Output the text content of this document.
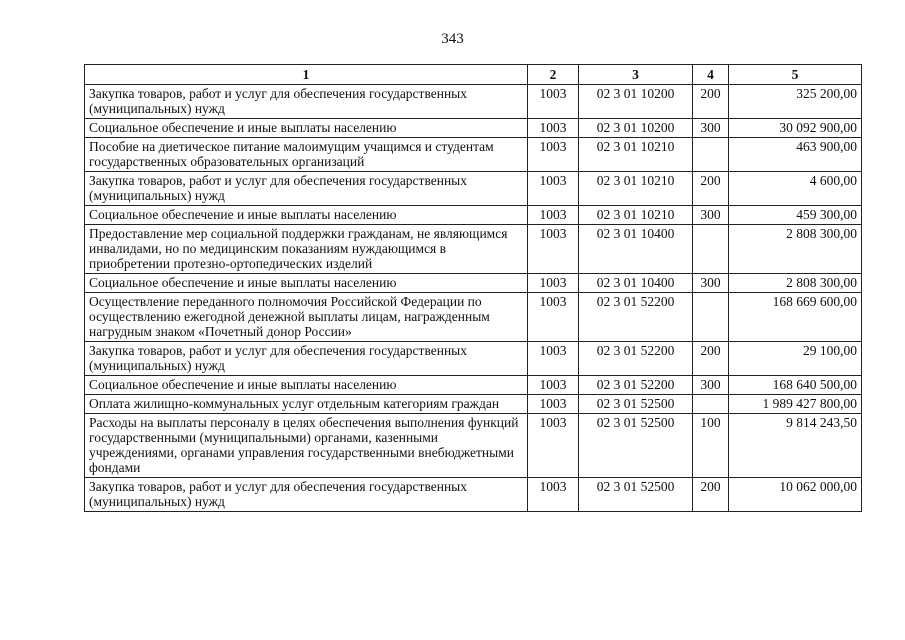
343
1	2	3	4	5
Закупка товаров, работ и услуг для обеспечения государственных (муниципальных) нужд	1003	02 3 01 10200	200	325 200,00
Социальное обеспечение и иные выплаты населению	1003	02 3 01 10200	300	30 092 900,00
Пособие на диетическое питание малоимущим учащимся и студентам государственных образовательных организаций	1003	02 3 01 10210		463 900,00
Закупка товаров, работ и услуг для обеспечения государственных (муниципальных) нужд	1003	02 3 01 10210	200	4 600,00
Социальное обеспечение и иные выплаты населению	1003	02 3 01 10210	300	459 300,00
Предоставление мер социальной поддержки гражданам, не являющимся инвалидами, но по медицинским показаниям нуждающимся в приобретении протезно-ортопедических изделий	1003	02 3 01 10400		2 808 300,00
Социальное обеспечение и иные выплаты населению	1003	02 3 01 10400	300	2 808 300,00
Осуществление переданного полномочия Российской Федерации по осуществлению ежегодной денежной выплаты лицам, награжденным нагрудным знаком «Почетный донор России»	1003	02 3 01 52200		168 669 600,00
Закупка товаров, работ и услуг для обеспечения государственных (муниципальных) нужд	1003	02 3 01 52200	200	29 100,00
Социальное обеспечение и иные выплаты населению	1003	02 3 01 52200	300	168 640 500,00
Оплата жилищно-коммунальных услуг отдельным категориям граждан	1003	02 3 01 52500		1 989 427 800,00
Расходы на выплаты персоналу в целях обеспечения выполнения функций государственными (муниципальными) органами, казенными учреждениями, органами управления государственными внебюджетными фондами	1003	02 3 01 52500	100	9 814 243,50
Закупка товаров, работ и услуг для обеспечения государственных (муниципальных) нужд	1003	02 3 01 52500	200	10 062 000,00
